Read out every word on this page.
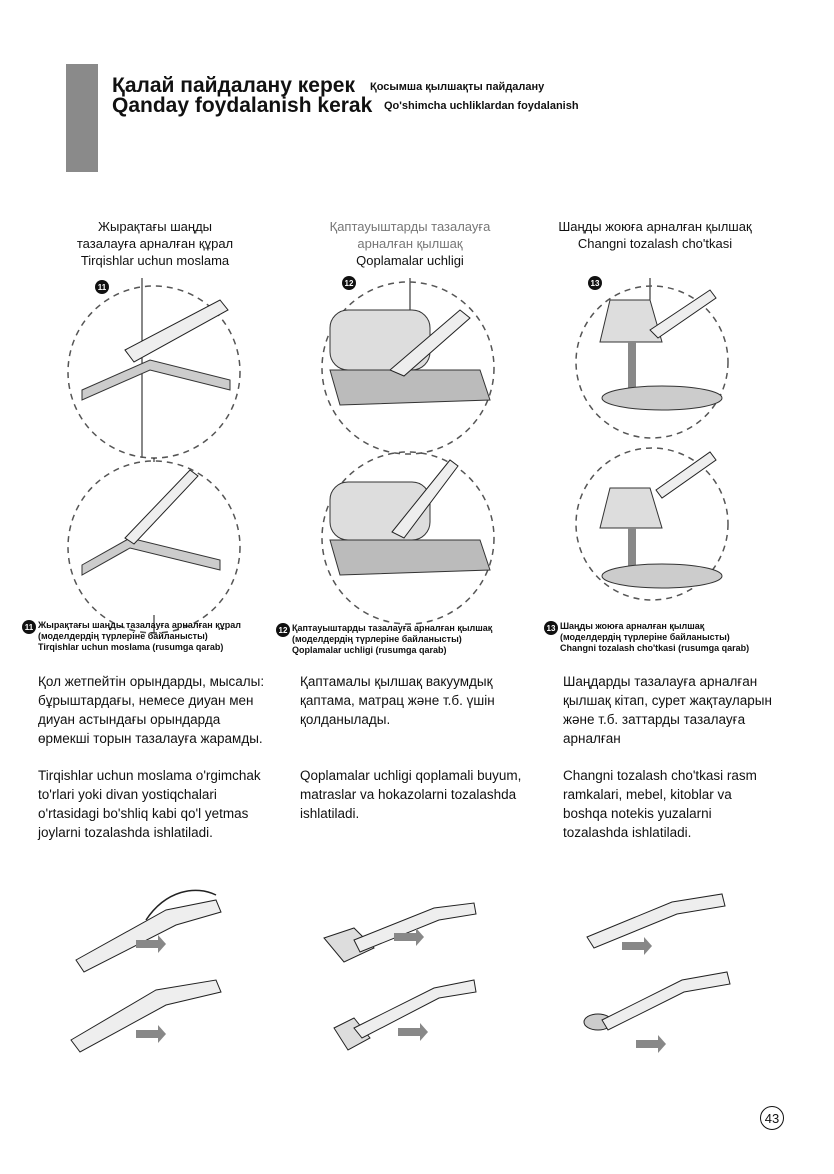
Қалай пайдалану керек Қосымша қылшақты пайдалану
Qanday foydalanish kerak Qo'shimcha uchliklardan foydalanish
Жырақтағы шаңды
тазалауға арналған құрал
Tirqishlar uchun moslama
Қаптауыштарды тазалауға
арналған қылшақ
Qoplamalar uchligi
Шаңды жоюға арналған қылшақ
Changni tozalash cho'tkasi
11	12	13
11 Жырақтағы шаңды тазалауға арналған құрал
(моделдердің түрлеріне байланысты)
Tirqishlar uchun moslama (rusumga qarab)
12 Қаптауыштарды тазалауға арналған қылшақ
(моделдердің түрлеріне байланысты)
Qoplamalar uchligi (rusumga qarab)
13 Шаңды жоюға арналған қылшақ
(моделдердің түрлеріне байланысты)
Changni tozalash cho'tkasi (rusumga qarab)
Қол жетпейтін орындарды, мысалы:
бұрыштардағы, немесе диуан мен
диуан астындағы орындарда
өрмекші торын тазалауға жарамды.
Қаптамалы қылшақ вакуумдық
қаптама, матрац және т.б. үшін
қолданылады.
Шаңдарды тазалауға арналған
қылшақ кітап, сурет жақтауларын
және т.б. заттарды тазалауға
арналған
Tirqishlar uchun moslama o'rgimchak
to'rlari yoki divan yostiqchalari
o'rtasidagi bo'shliq kabi qo'l yetmas
joylarni tozalashda ishlatiladi.
Qoplamalar uchligi qoplamali buyum,
matraslar va hokazolarni tozalashda
ishlatiladi.
Changni tozalash cho'tkasi rasm
ramkalari, mebel, kitoblar va
boshqa notekis yuzalarni
tozalashda ishlatiladi.
43
